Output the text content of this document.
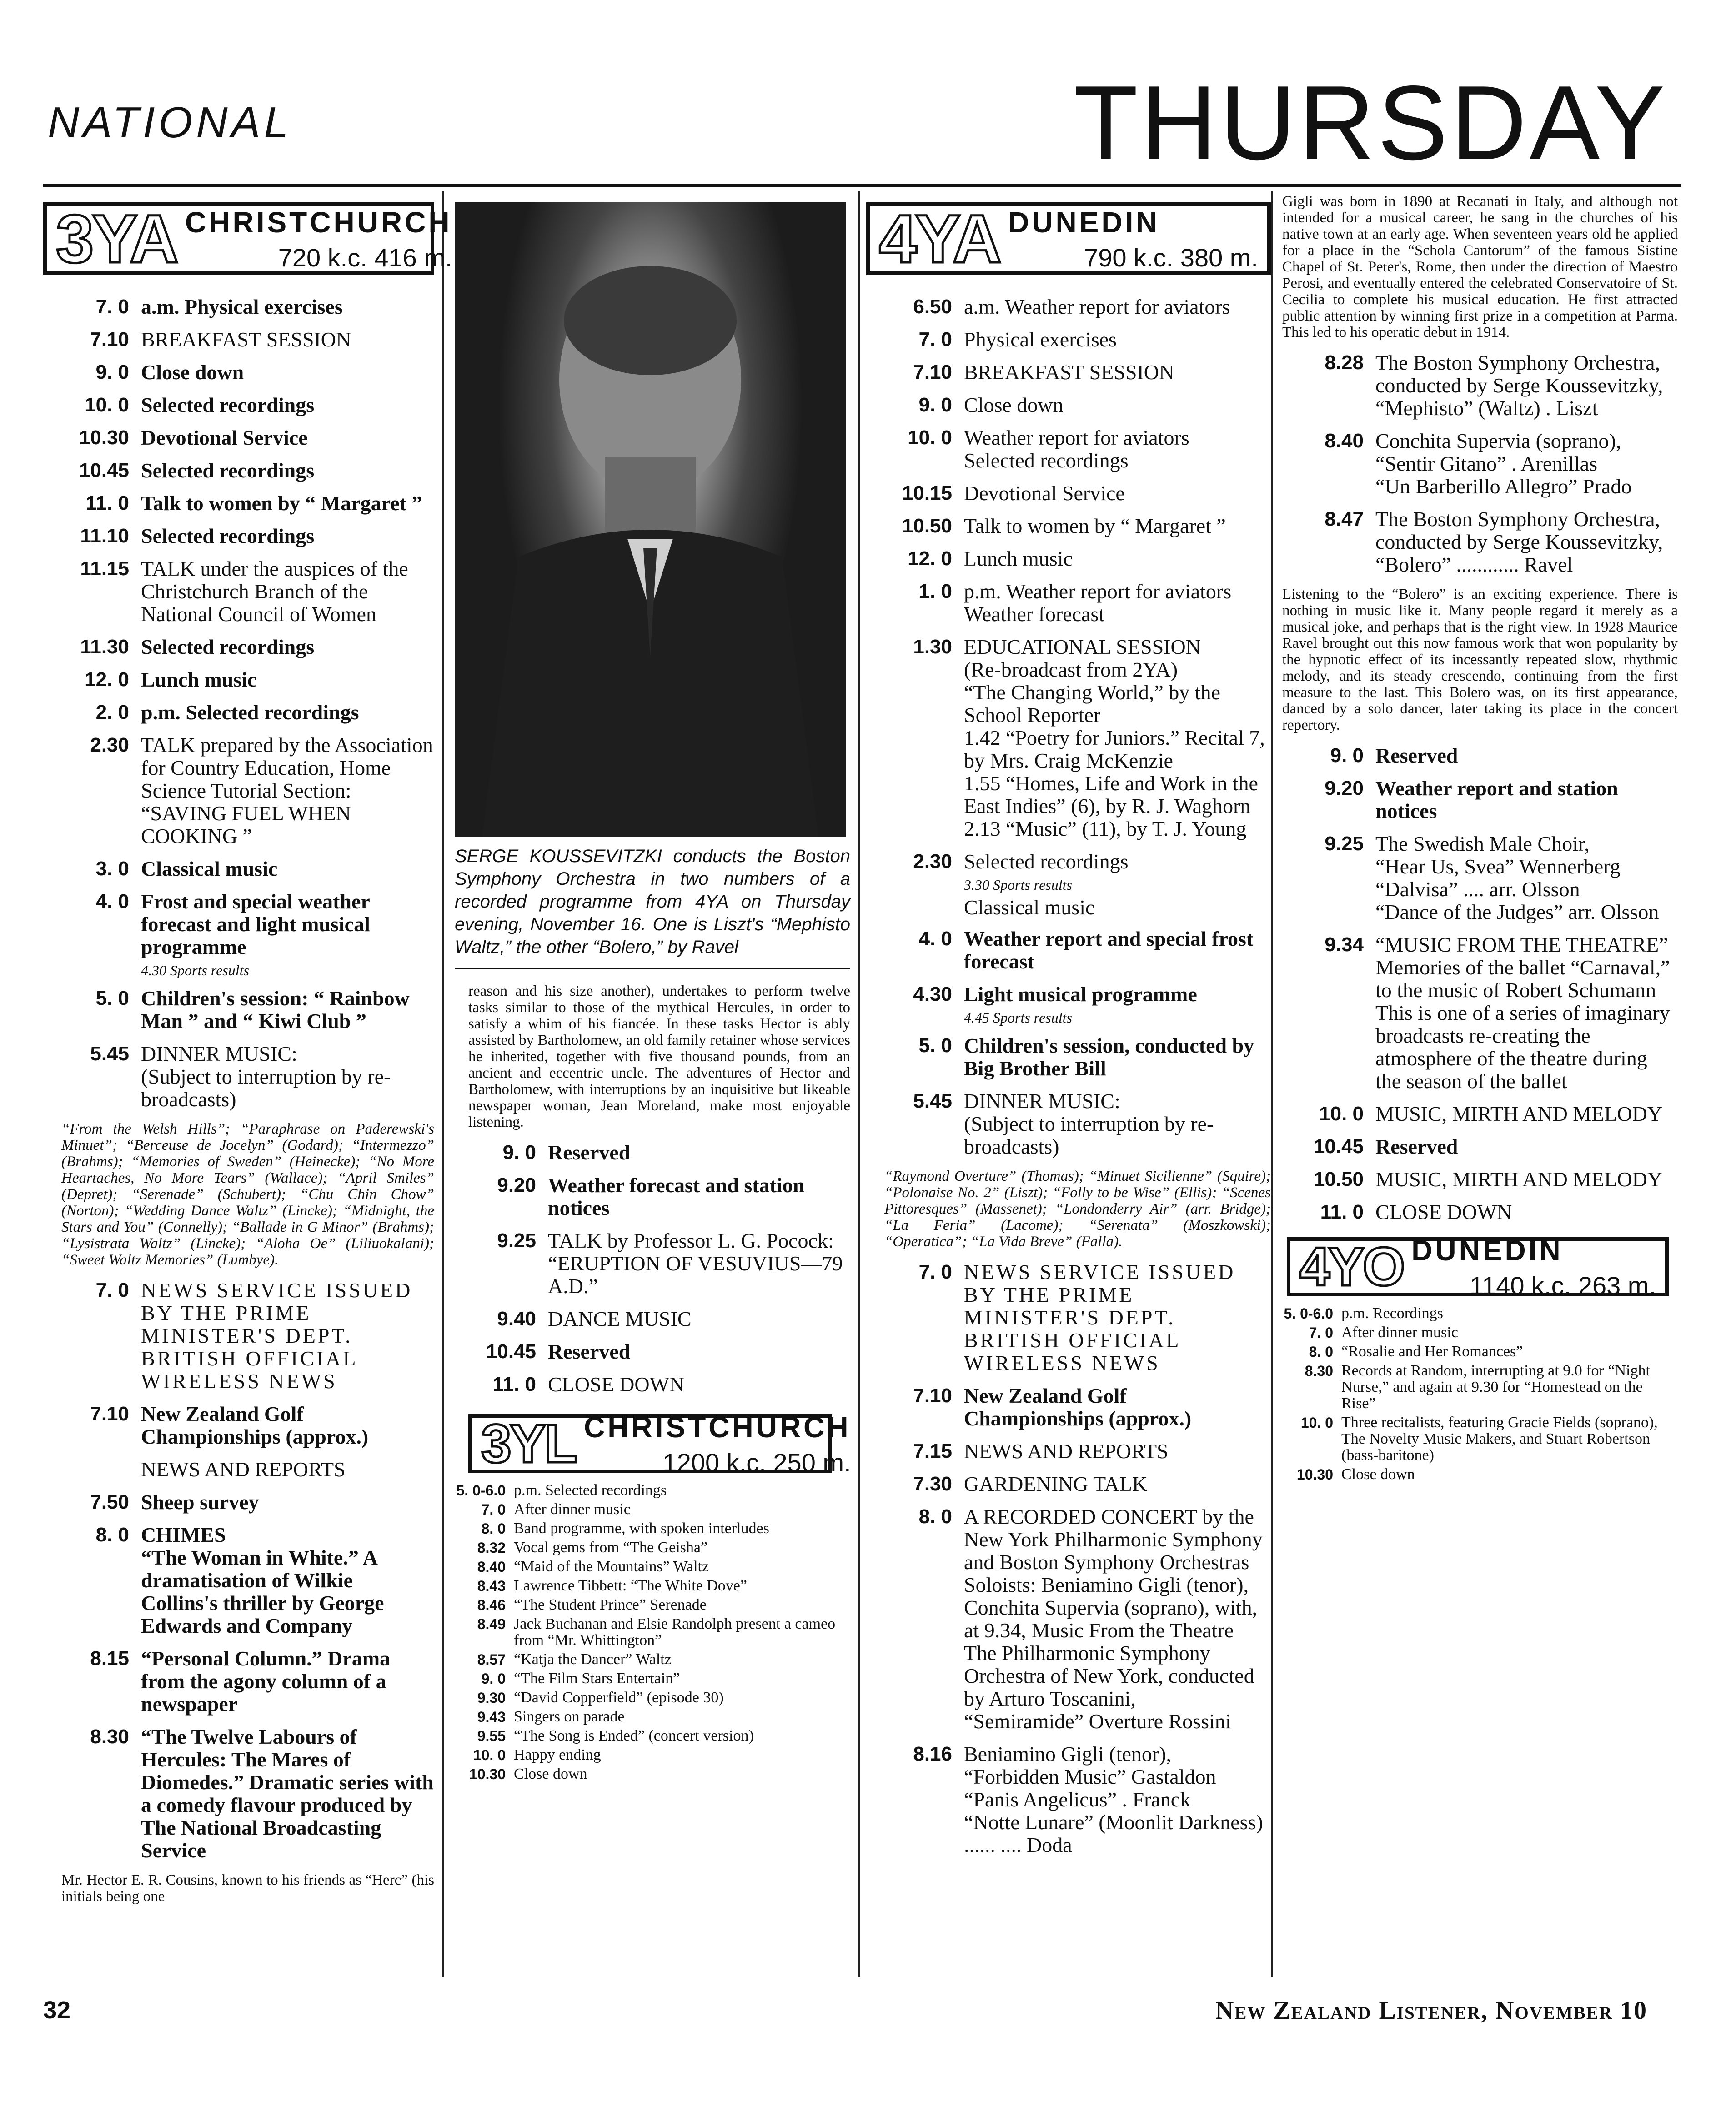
NATIONAL	THURSDAY
3YA CHRISTCHURCH
720 k.c. 416 m.
7. 0 a.m. Physical exercises
7.10 BREAKFAST SESSION
9. 0 Close down
10. 0 Selected recordings
10.30 Devotional Service
10.45 Selected recordings
11. 0 Talk to women by “ Margaret ”
11.10 Selected recordings
11.15 TALK under the auspices of the Christchurch Branch of the National Council of Women
11.30 Selected recordings
12. 0 Lunch music
2. 0 p.m. Selected recordings
2.30 TALK prepared by the Association for Country Education, Home Science Tutorial Section: “SAVING FUEL WHEN COOKING ”
3. 0 Classical music
4. 0 Frost and special weather forecast and light musical programme
4.30 Sports results
5. 0 Children's session: “ Rainbow Man ” and “ Kiwi Club ”
5.45 DINNER MUSIC:
(Subject to interruption by re-broadcasts)
“From the Welsh Hills”; “Paraphrase on Paderewski's Minuet”; “Berceuse de Jocelyn” (Godard); “Intermezzo” (Brahms); “Memories of Sweden” (Heinecke); “No More Heartaches, No More Tears” (Wallace); “April Smiles” (Depret); “Serenade” (Schubert); “Chu Chin Chow” (Norton); “Wedding Dance Waltz” (Lincke); “Midnight, the Stars and You” (Connelly); “Ballade in G Minor” (Brahms); “Lysistrata Waltz” (Lincke); “Aloha Oe” (Liliuokalani); “Sweet Waltz Memories” (Lumbye).
7. 0 NEWS SERVICE ISSUED BY THE PRIME MINISTER'S DEPT. BRITISH OFFICIAL WIRELESS NEWS
7.10 New Zealand Golf Championships (approx.)
NEWS AND REPORTS
7.50 Sheep survey
8. 0 CHIMES
“The Woman in White.” A dramatisation of Wilkie Collins's thriller by George Edwards and Company
8.15 “Personal Column.” Drama from the agony column of a newspaper
8.30 “The Twelve Labours of Hercules: The Mares of Diomedes.” Dramatic series with a comedy flavour produced by The National Broadcasting Service
Mr. Hector E. R. Cousins, known to his friends as “Herc” (his initials being one
SERGE KOUSSEVITZKI conducts the Boston Symphony Orchestra in two numbers of a recorded programme from 4YA on Thursday evening, November 16. One is Liszt's “Mephisto Waltz,” the other “Bolero,” by Ravel
reason and his size another), undertakes to perform twelve tasks similar to those of the mythical Hercules, in order to satisfy a whim of his fiancée. In these tasks Hector is ably assisted by Bartholomew, an old family retainer whose services he inherited, together with five thousand pounds, from an ancient and eccentric uncle. The adventures of Hector and Bartholomew, with interruptions by an inquisitive but likeable newspaper woman, Jean Moreland, make most enjoyable listening.
9. 0 Reserved
9.20 Weather forecast and station notices
9.25 TALK by Professor L. G. Pocock: “ERUPTION OF VESUVIUS—79 A.D.”
9.40 DANCE MUSIC
10.45 Reserved
11. 0 CLOSE DOWN
3YL CHRISTCHURCH
1200 k.c. 250 m.
5. 0-6.0 p.m. Selected recordings
7. 0 After dinner music
8. 0 Band programme, with spoken interludes
8.32 Vocal gems from “The Geisha”
8.40 “Maid of the Mountains” Waltz
8.43 Lawrence Tibbett: “The White Dove”
8.46 “The Student Prince” Serenade
8.49 Jack Buchanan and Elsie Randolph present a cameo from “Mr. Whittington”
8.57 “Katja the Dancer” Waltz
9. 0 “The Film Stars Entertain”
9.30 “David Copperfield” (episode 30)
9.43 Singers on parade
9.55 “The Song is Ended” (concert version)
10. 0 Happy ending
10.30 Close down
4YA DUNEDIN
790 k.c. 380 m.
6.50 a.m. Weather report for aviators
7. 0 Physical exercises
7.10 BREAKFAST SESSION
9. 0 Close down
10. 0 Weather report for aviators
Selected recordings
10.15 Devotional Service
10.50 Talk to women by “ Margaret ”
12. 0 Lunch music
1. 0 p.m. Weather report for aviators
Weather forecast
1.30 EDUCATIONAL SESSION
(Re-broadcast from 2YA)
“The Changing World,” by the School Reporter
1.42 “Poetry for Juniors.” Recital 7, by Mrs. Craig McKenzie
1.55 “Homes, Life and Work in the East Indies” (6), by R. J. Waghorn
2.13 “Music” (11), by T. J. Young
2.30 Selected recordings
3.30 Sports results
Classical music
4. 0 Weather report and special frost forecast
4.30 Light musical programme
4.45 Sports results
5. 0 Children's session, conducted by Big Brother Bill
5.45 DINNER MUSIC:
(Subject to interruption by re-broadcasts)
“Raymond Overture” (Thomas); “Minuet Sicilienne” (Squire); “Polonaise No. 2” (Liszt); “Folly to be Wise” (Ellis); “Scenes Pittoresques” (Massenet); “Londonderry Air” (arr. Bridge); “La Feria” (Lacome); “Serenata” (Moszkowski); “Operatica”; “La Vida Breve” (Falla).
7. 0 NEWS SERVICE ISSUED BY THE PRIME MINISTER'S DEPT. BRITISH OFFICIAL WIRELESS NEWS
7.10 New Zealand Golf Championships (approx.)
7.15 NEWS AND REPORTS
7.30 GARDENING TALK
8. 0 A RECORDED CONCERT by the New York Philharmonic Symphony and Boston Symphony Orchestras
Soloists: Beniamino Gigli (tenor), Conchita Supervia (soprano), with, at 9.34, Music From the Theatre
The Philharmonic Symphony Orchestra of New York, conducted by Arturo Toscanini,
“Semiramide” Overture Rossini
8.16 Beniamino Gigli (tenor),
“Forbidden Music” Gastaldon
“Panis Angelicus” . Franck
“Notte Lunare” (Moonlit Darkness) ...... .... Doda
Gigli was born in 1890 at Recanati in Italy, and although not intended for a musical career, he sang in the churches of his native town at an early age. When seventeen years old he applied for a place in the “Schola Cantorum” of the famous Sistine Chapel of St. Peter's, Rome, then under the direction of Maestro Perosi, and eventually entered the celebrated Conservatoire of St. Cecilia to complete his musical education. He first attracted public attention by winning first prize in a competition at Parma. This led to his operatic debut in 1914.
8.28 The Boston Symphony Orchestra, conducted by Serge Koussevitzky,
“Mephisto” (Waltz) . Liszt
8.40 Conchita Supervia (soprano),
“Sentir Gitano” . Arenillas
“Un Barberillo Allegro” Prado
8.47 The Boston Symphony Orchestra, conducted by Serge Koussevitzky,
“Bolero” ............ Ravel
Listening to the “Bolero” is an exciting experience. There is nothing in music like it. Many people regard it merely as a musical joke, and perhaps that is the right view. In 1928 Maurice Ravel brought out this now famous work that won popularity by the hypnotic effect of its incessantly repeated slow, rhythmic melody, and its steady crescendo, continuing from the first measure to the last. This Bolero was, on its first appearance, danced by a solo dancer, later taking its place in the concert repertory.
9. 0 Reserved
9.20 Weather report and station notices
9.25 The Swedish Male Choir,
“Hear Us, Svea” Wennerberg
“Dalvisa” .... arr. Olsson
“Dance of the Judges” arr. Olsson
9.34 “MUSIC FROM THE THEATRE”
Memories of the ballet “Carnaval,” to the music of Robert Schumann
This is one of a series of imaginary broadcasts re-creating the atmosphere of the theatre during the season of the ballet
10. 0 MUSIC, MIRTH AND MELODY
10.45 Reserved
10.50 MUSIC, MIRTH AND MELODY
11. 0 CLOSE DOWN
4YO DUNEDIN
1140 k.c. 263 m.
5. 0-6.0 p.m. Recordings
7. 0 After dinner music
8. 0 “Rosalie and Her Romances”
8.30 Records at Random, interrupting at 9.0 for “Night Nurse,” and again at 9.30 for “Homestead on the Rise”
10. 0 Three recitalists, featuring Gracie Fields (soprano), The Novelty Music Makers, and Stuart Robertson (bass-baritone)
10.30 Close down
32	New Zealand Listener, November 10
